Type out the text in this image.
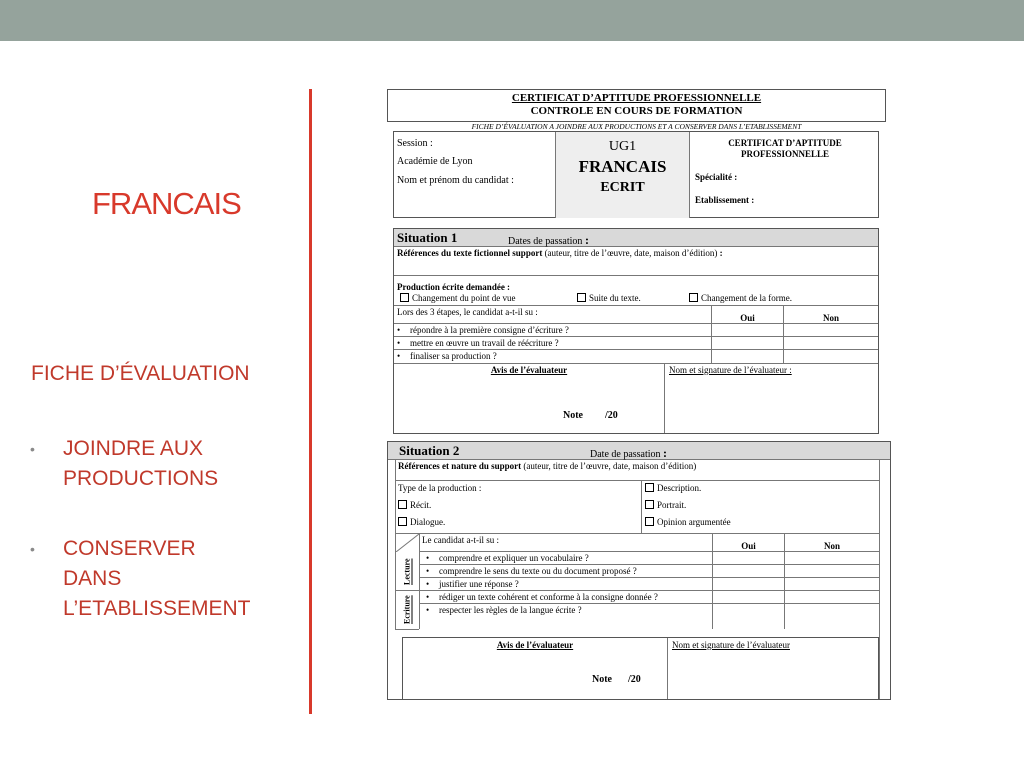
FRANCAIS
FICHE D’ÉVALUATION
• JOINDRE AUX PRODUCTIONS
• CONSERVER DANS L’ETABLISSEMENT
CERTIFICAT D’APTITUDE PROFESSIONNELLE
CONTROLE EN COURS DE FORMATION
FICHE D’ÉVALUATION A JOINDRE AUX PRODUCTIONS ET A CONSERVER DANS L’ETABLISSEMENT
Session :
Académie de Lyon
Nom et prénom du candidat :
UG1
FRANCAIS
ECRIT
CERTIFICAT D’APTITUDE
PROFESSIONNELLE
Spécialité :
Etablissement :
Situation 1	Dates de passation :
Références du texte fictionnel support (auteur, titre de l’œuvre, date, maison d’édition) :
Production écrite demandée :
Changement du point de vue	Suite du texte.	Changement de la forme.
Lors des 3 étapes, le candidat a-t-il su :
Oui	Non
• répondre à la première consigne d’écriture ?
• mettre en œuvre un travail de réécriture ?
• finaliser sa production ?
Avis de l’évaluateur
Note /20
Nom et signature de l’évaluateur :
Situation 2	Date de passation :
Références et nature du support (auteur, titre de l’œuvre, date, maison d’édition)
Type de la production :
Récit.
Dialogue.
Description.
Portrait.
Opinion argumentée
Le candidat a-t-il su :
Oui	Non
• comprendre et expliquer un vocabulaire ?
• comprendre le sens du texte ou du document proposé ?
• justifier une réponse ?
• rédiger un texte cohérent et conforme à la consigne donnée ?
• respecter les règles de la langue écrite ?
Lecture
Ecriture
Avis de l’évaluateur
Note /20
Nom et signature de l’évaluateur
